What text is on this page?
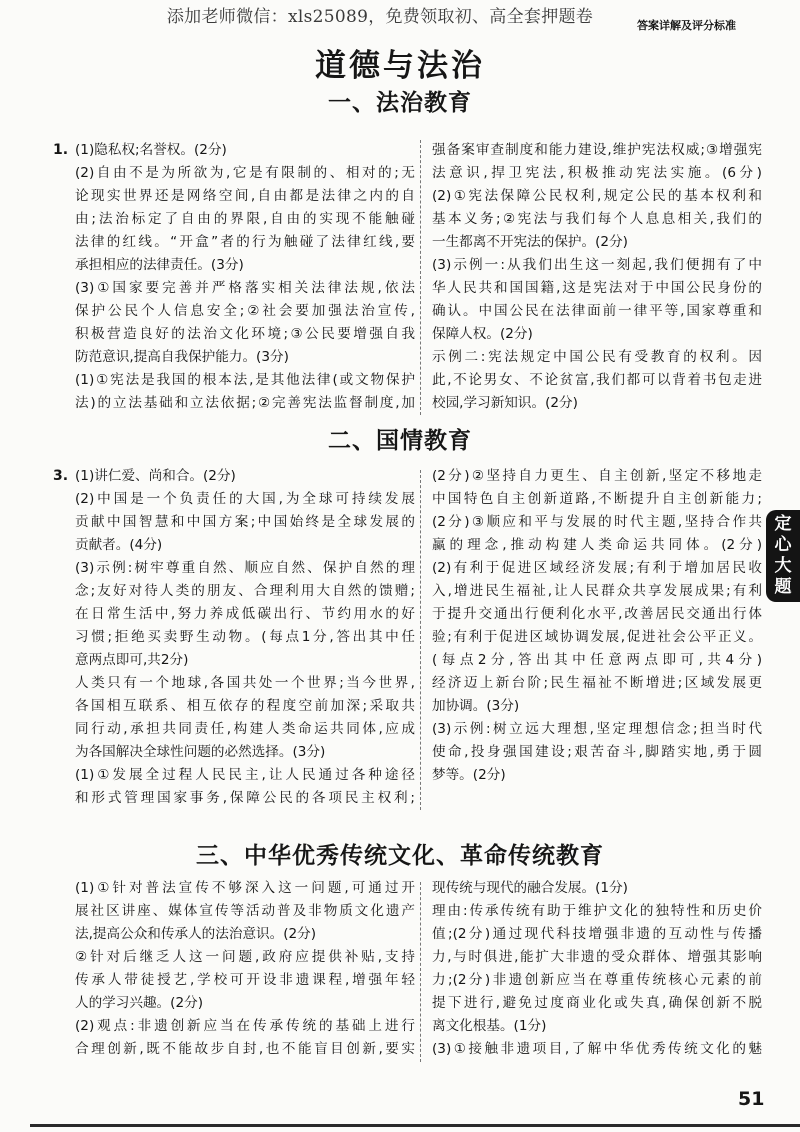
添加老师微信：xls25089，免费领取初、高全套押题卷	答案详解及评分标准
道德与法治
一、法治教育
1. (1)隐私权;名誉权。(2分)
(2)自由不是为所欲为,它是有限制的、相对的;无
论现实世界还是网络空间,自由都是法律之内的自
由;法治标定了自由的界限,自由的实现不能触碰
法律的红线。“开盒”者的行为触碰了法律红线,要
承担相应的法律责任。(3分)
(3)①国家要完善并严格落实相关法律法规,依法
保护公民个人信息安全;②社会要加强法治宣传,
积极营造良好的法治文化环境;③公民要增强自我
防范意识,提高自我保护能力。(3分)
(1)①宪法是我国的根本法,是其他法律(或文物保护
法)的立法基础和立法依据;②完善宪法监督制度,加
强备案审查制度和能力建设,维护宪法权威;③增强宪
法意识,捍卫宪法,积极推动宪法实施。(6分)
(2)①宪法保障公民权利,规定公民的基本权利和
基本义务;②宪法与我们每个人息息相关,我们的
一生都离不开宪法的保护。(2分)
(3)示例一:从我们出生这一刻起,我们便拥有了中
华人民共和国国籍,这是宪法对于中国公民身份的
确认。中国公民在法律面前一律平等,国家尊重和
保障人权。(2分)
示例二:宪法规定中国公民有受教育的权利。因
此,不论男女、不论贫富,我们都可以背着书包走进
校园,学习新知识。(2分)
二、国情教育
3. (1)讲仁爱、尚和合。(2分)
(2)中国是一个负责任的大国,为全球可持续发展
贡献中国智慧和中国方案;中国始终是全球发展的
贡献者。(4分)
(3)示例:树牢尊重自然、顺应自然、保护自然的理
念;友好对待人类的朋友、合理利用大自然的馈赠;
在日常生活中,努力养成低碳出行、节约用水的好
习惯;拒绝买卖野生动物。(每点1分,答出其中任
意两点即可,共2分)
人类只有一个地球,各国共处一个世界;当今世界,
各国相互联系、相互依存的程度空前加深;采取共
同行动,承担共同责任,构建人类命运共同体,应成
为各国解决全球性问题的必然选择。(3分)
(1)①发展全过程人民民主,让人民通过各种途径
和形式管理国家事务,保障公民的各项民主权利;
(2分)②坚持自力更生、自主创新,坚定不移地走
中国特色自主创新道路,不断提升自主创新能力;
(2分)③顺应和平与发展的时代主题,坚持合作共
赢的理念,推动构建人类命运共同体。(2分)
(2)有利于促进区域经济发展;有利于增加居民收
入,增进民生福祉,让人民群众共享发展成果;有利
于提升交通出行便利化水平,改善居民交通出行体
验;有利于促进区域协调发展,促进社会公平正义。
(每点2分,答出其中任意两点即可,共4分)
经济迈上新台阶;民生福祉不断增进;区域发展更
加协调。(3分)
(3)示例:树立远大理想,坚定理想信念;担当时代
使命,投身强国建设;艰苦奋斗,脚踏实地,勇于圆
梦等。(2分)
三、中华优秀传统文化、革命传统教育
(1)①针对普法宣传不够深入这一问题,可通过开
展社区讲座、媒体宣传等活动普及非物质文化遗产
法,提高公众和传承人的法治意识。(2分)
②针对后继乏人这一问题,政府应提供补贴,支持
传承人带徒授艺,学校可开设非遗课程,增强年轻
人的学习兴趣。(2分)
(2)观点:非遗创新应当在传承传统的基础上进行
合理创新,既不能故步自封,也不能盲目创新,要实
现传统与现代的融合发展。(1分)
理由:传承传统有助于维护文化的独特性和历史价
值;(2分)通过现代科技增强非遗的互动性与传播
力,与时俱进,能扩大非遗的受众群体、增强其影响
力;(2分)非遗创新应当在尊重传统核心元素的前
提下进行,避免过度商业化或失真,确保创新不脱
离文化根基。(1分)
(3)①接触非遗项目,了解中华优秀传统文化的魅
定心大题
51
